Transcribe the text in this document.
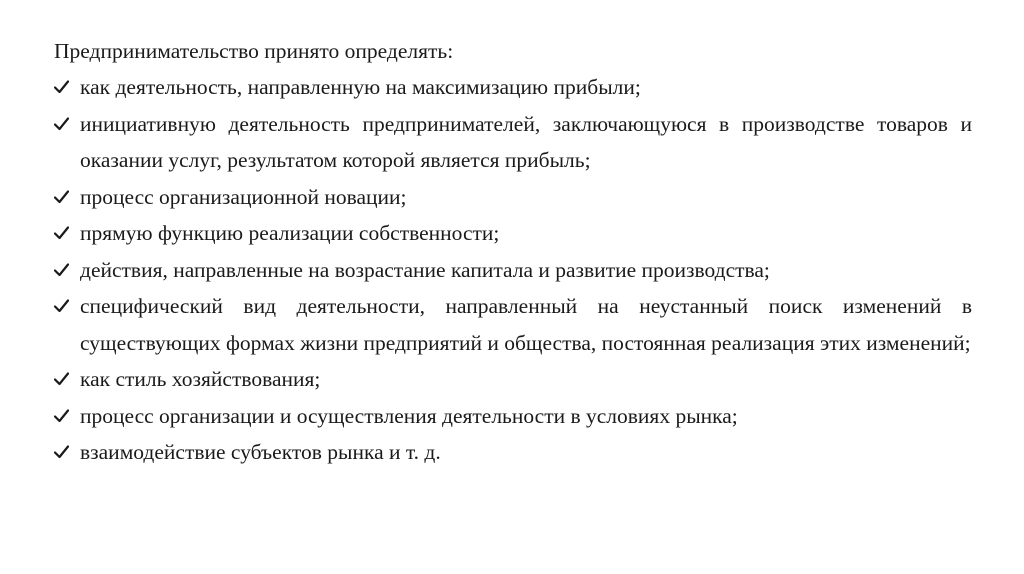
Предпринимательство принято определять:

как деятельность, направленную на максимизацию прибыли;
инициативную деятельность предпринимателей, заключающуюся в производстве товаров и оказании услуг, результатом которой является прибыль;
процесс организационной новации;
прямую функцию реализации собственности;
действия, направленные на возрастание капитала и развитие производства;
специфический вид деятельности, направленный на неустанный поиск изменений в существующих формах жизни предприятий и общества, постоянная реализация этих изменений;
как стиль хозяйствования;
процесс организации и осуществления деятельности в условиях рынка;
взаимодействие субъектов рынка и т. д.
